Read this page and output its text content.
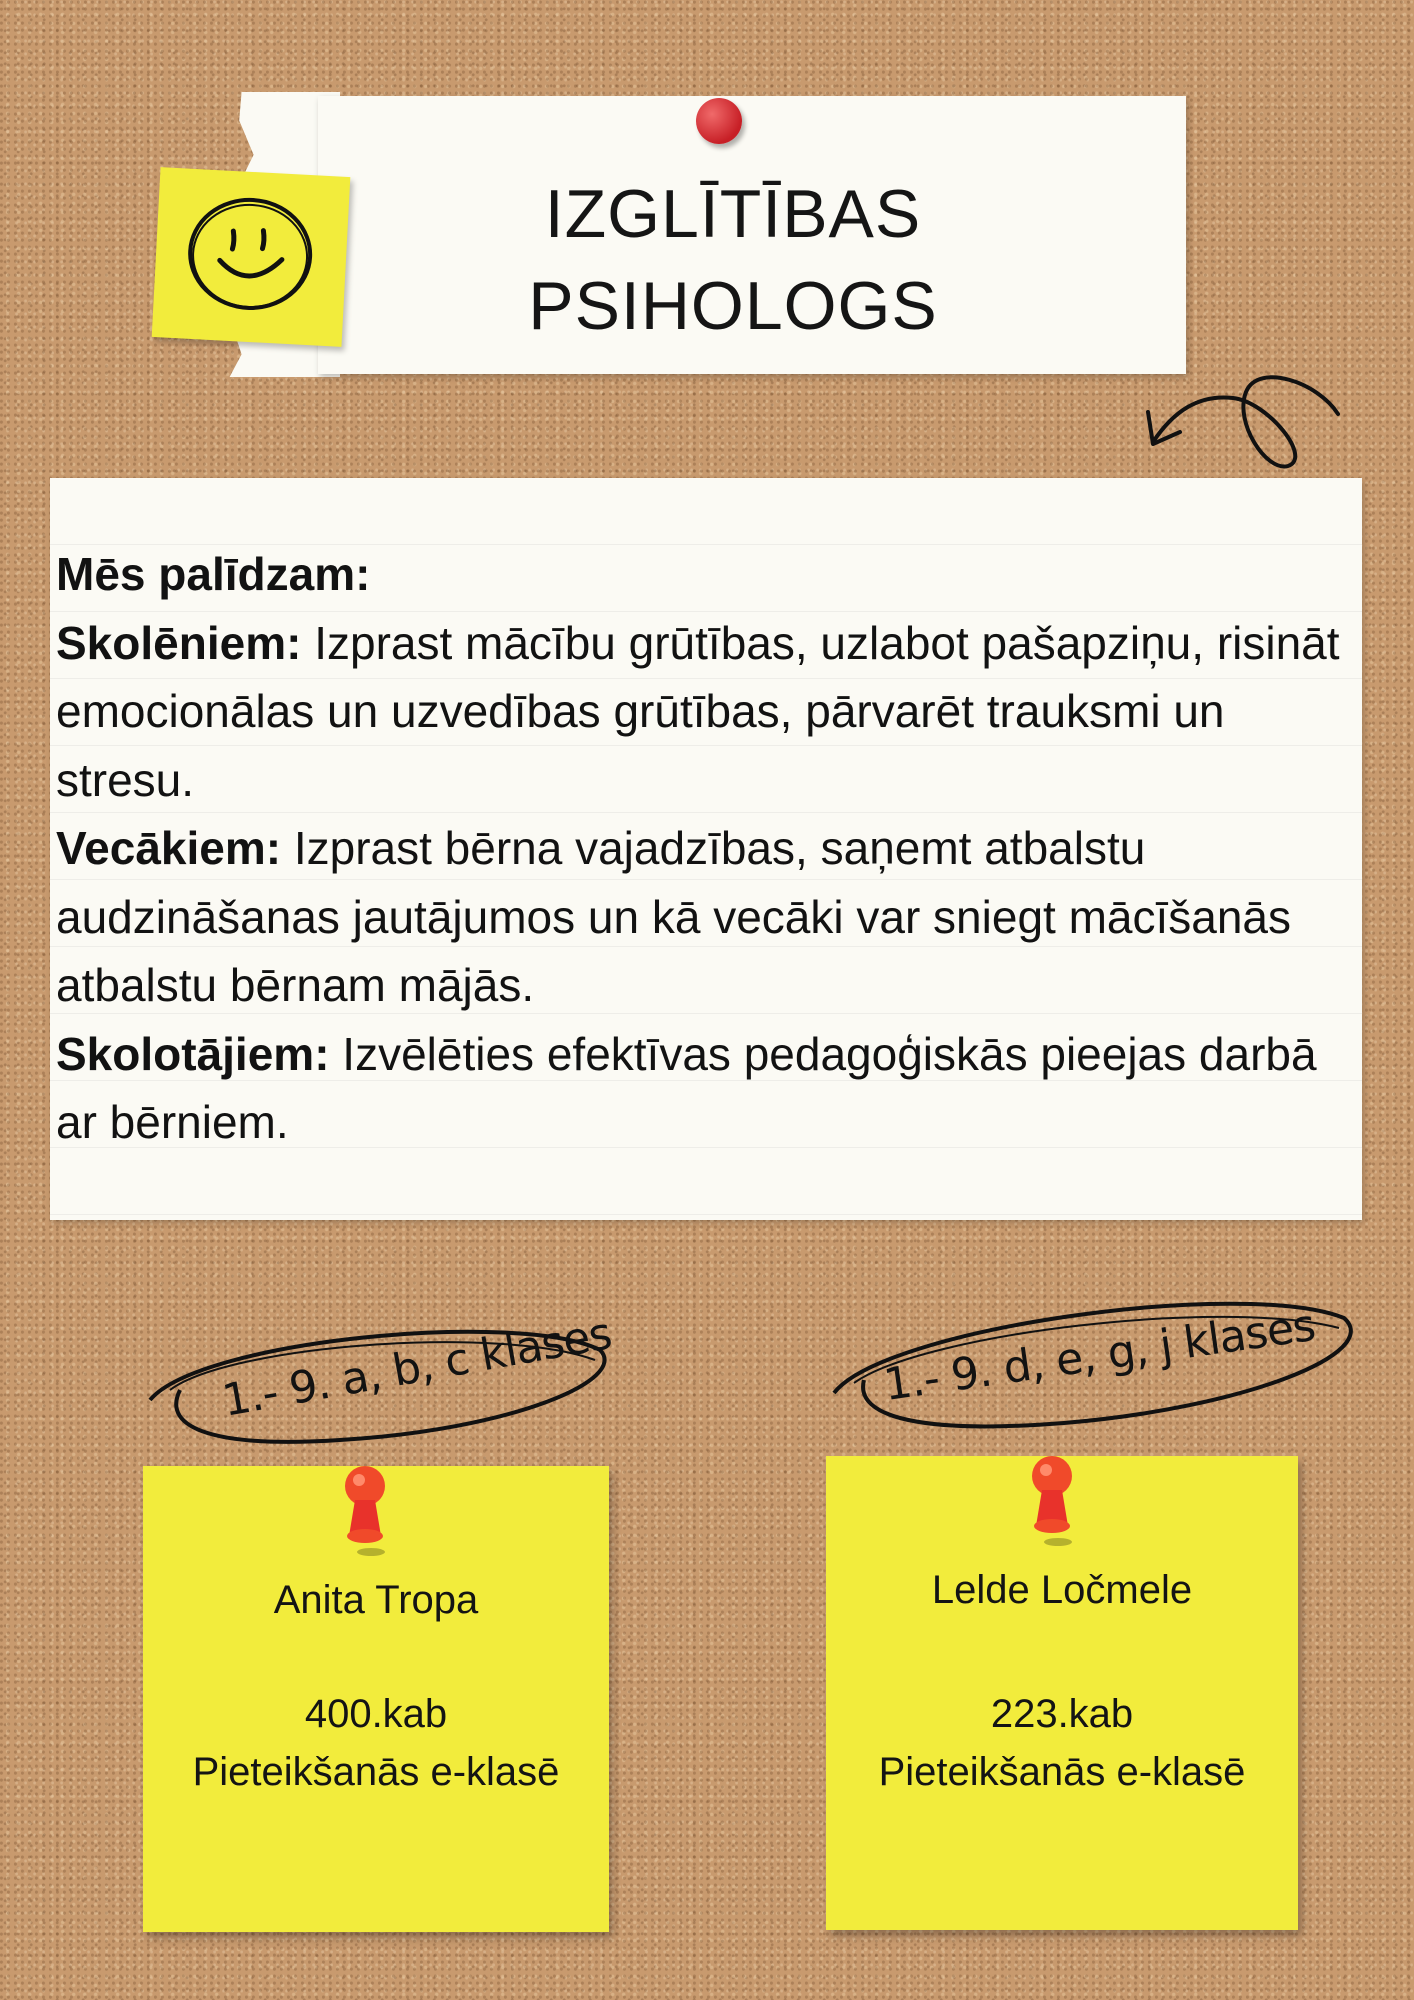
IZGLĪTĪBAS
PSIHOLOGS

Mēs palīdzam:

Skolēniem: Izprast mācību grūtības, uzlabot pašapziņu, risināt emocionālas un uzvedības grūtības, pārvarēt trauksmi un stresu.

Vecākiem: Izprast bērna vajadzības, saņemt atbalstu audzināšanas jautājumos un kā vecāki var sniegt mācīšanās atbalstu bērnam mājās.

Skolotājiem: Izvēlēties efektīvas pedagoģiskās pieejas darbā ar bērniem.

1.- 9. a, b, c klases	1.- 9. d, e, g, j klases
Anita Tropa
400.kab
Pieteikšanās e-klasē
Lelde Ločmele
223.kab
Pieteikšanās e-klasē
